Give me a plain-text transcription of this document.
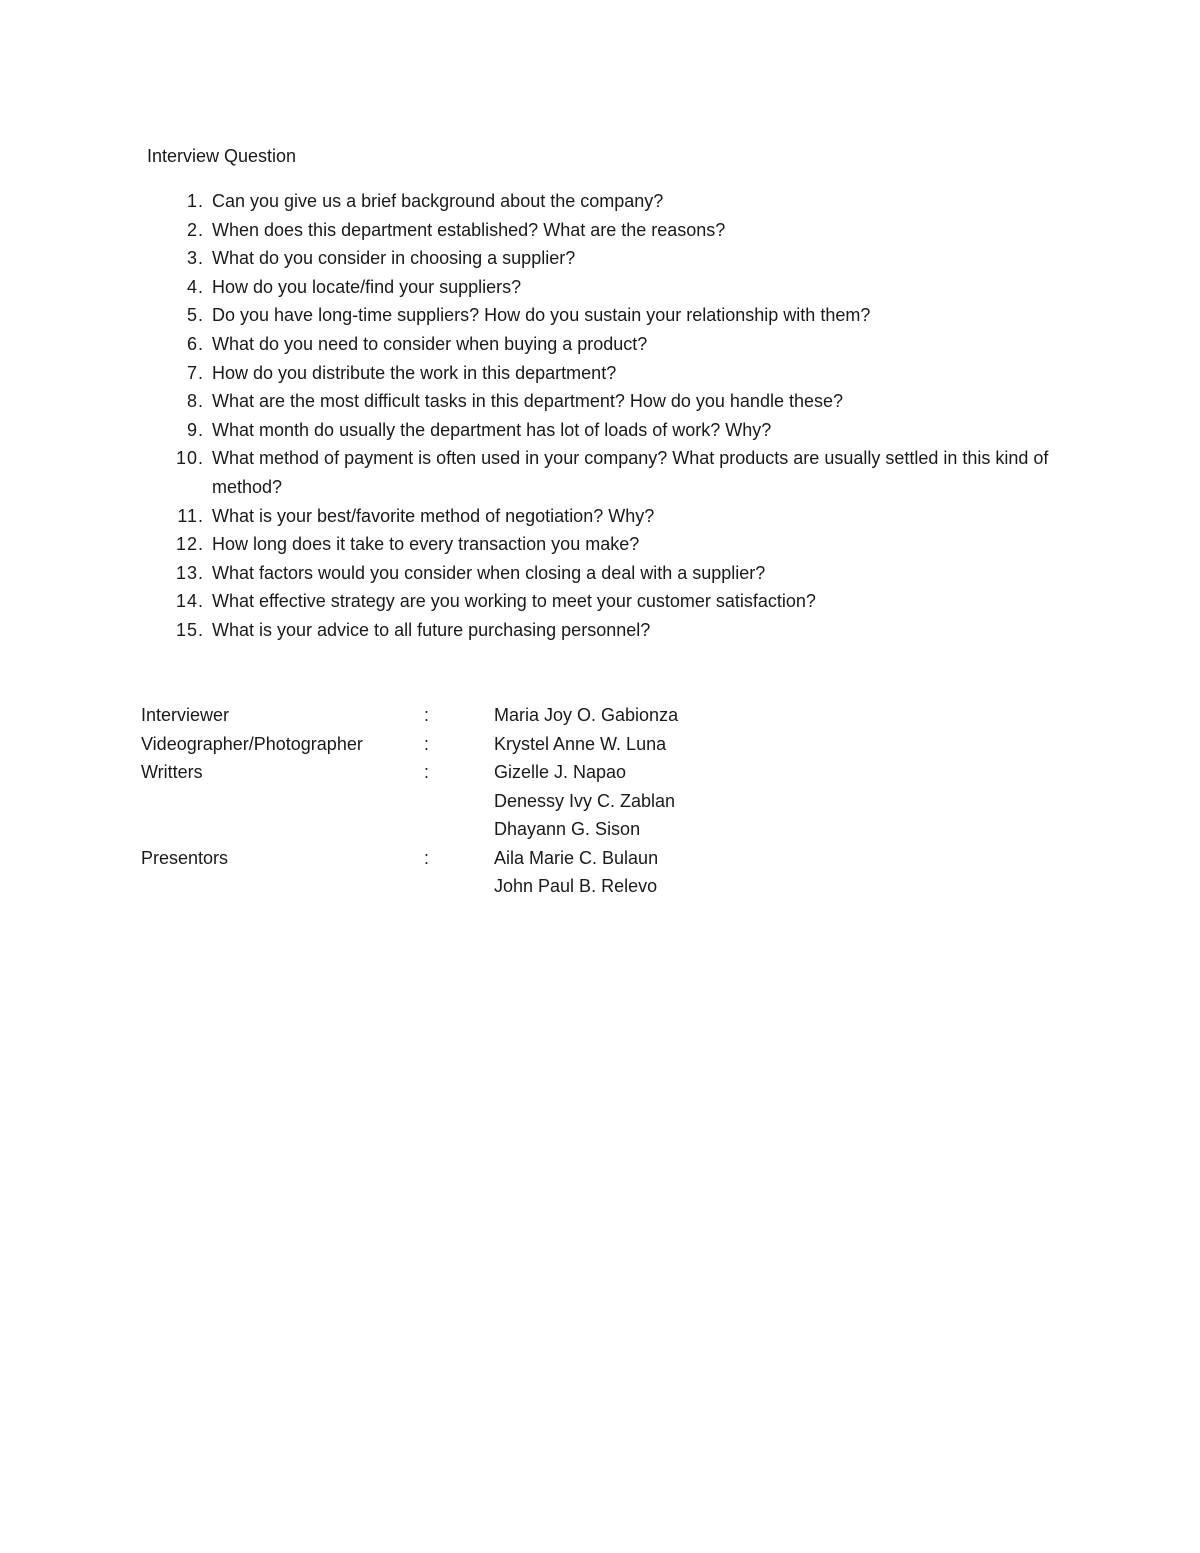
Interview Question
1. Can you give us a brief background about the company?
2. When does this department established? What are the reasons?
3. What do you consider in choosing a supplier?
4. How do you locate/find your suppliers?
5. Do you have long-time suppliers? How do you sustain your relationship with them?
6. What do you need to consider when buying a product?
7. How do you distribute the work in this department?
8. What are the most difficult tasks in this department? How do you handle these?
9. What month do usually the department has lot of loads of work? Why?
10. What method of payment is often used in your company? What products are usually settled in this kind of method?
11. What is your best/favorite method of negotiation? Why?
12. How long does it take to every transaction you make?
13. What factors would you consider when closing a deal with a supplier?
14. What effective strategy are you working to meet your customer satisfaction?
15. What is your advice to all future purchasing personnel?
Interviewer	:	Maria Joy O. Gabionza
Videographer/Photographer	:	Krystel Anne W. Luna
Writters	:	Gizelle J. Napao
Denessy Ivy C. Zablan
Dhayann G. Sison
Presentors	:	Aila Marie C. Bulaun
John Paul B. Relevo
